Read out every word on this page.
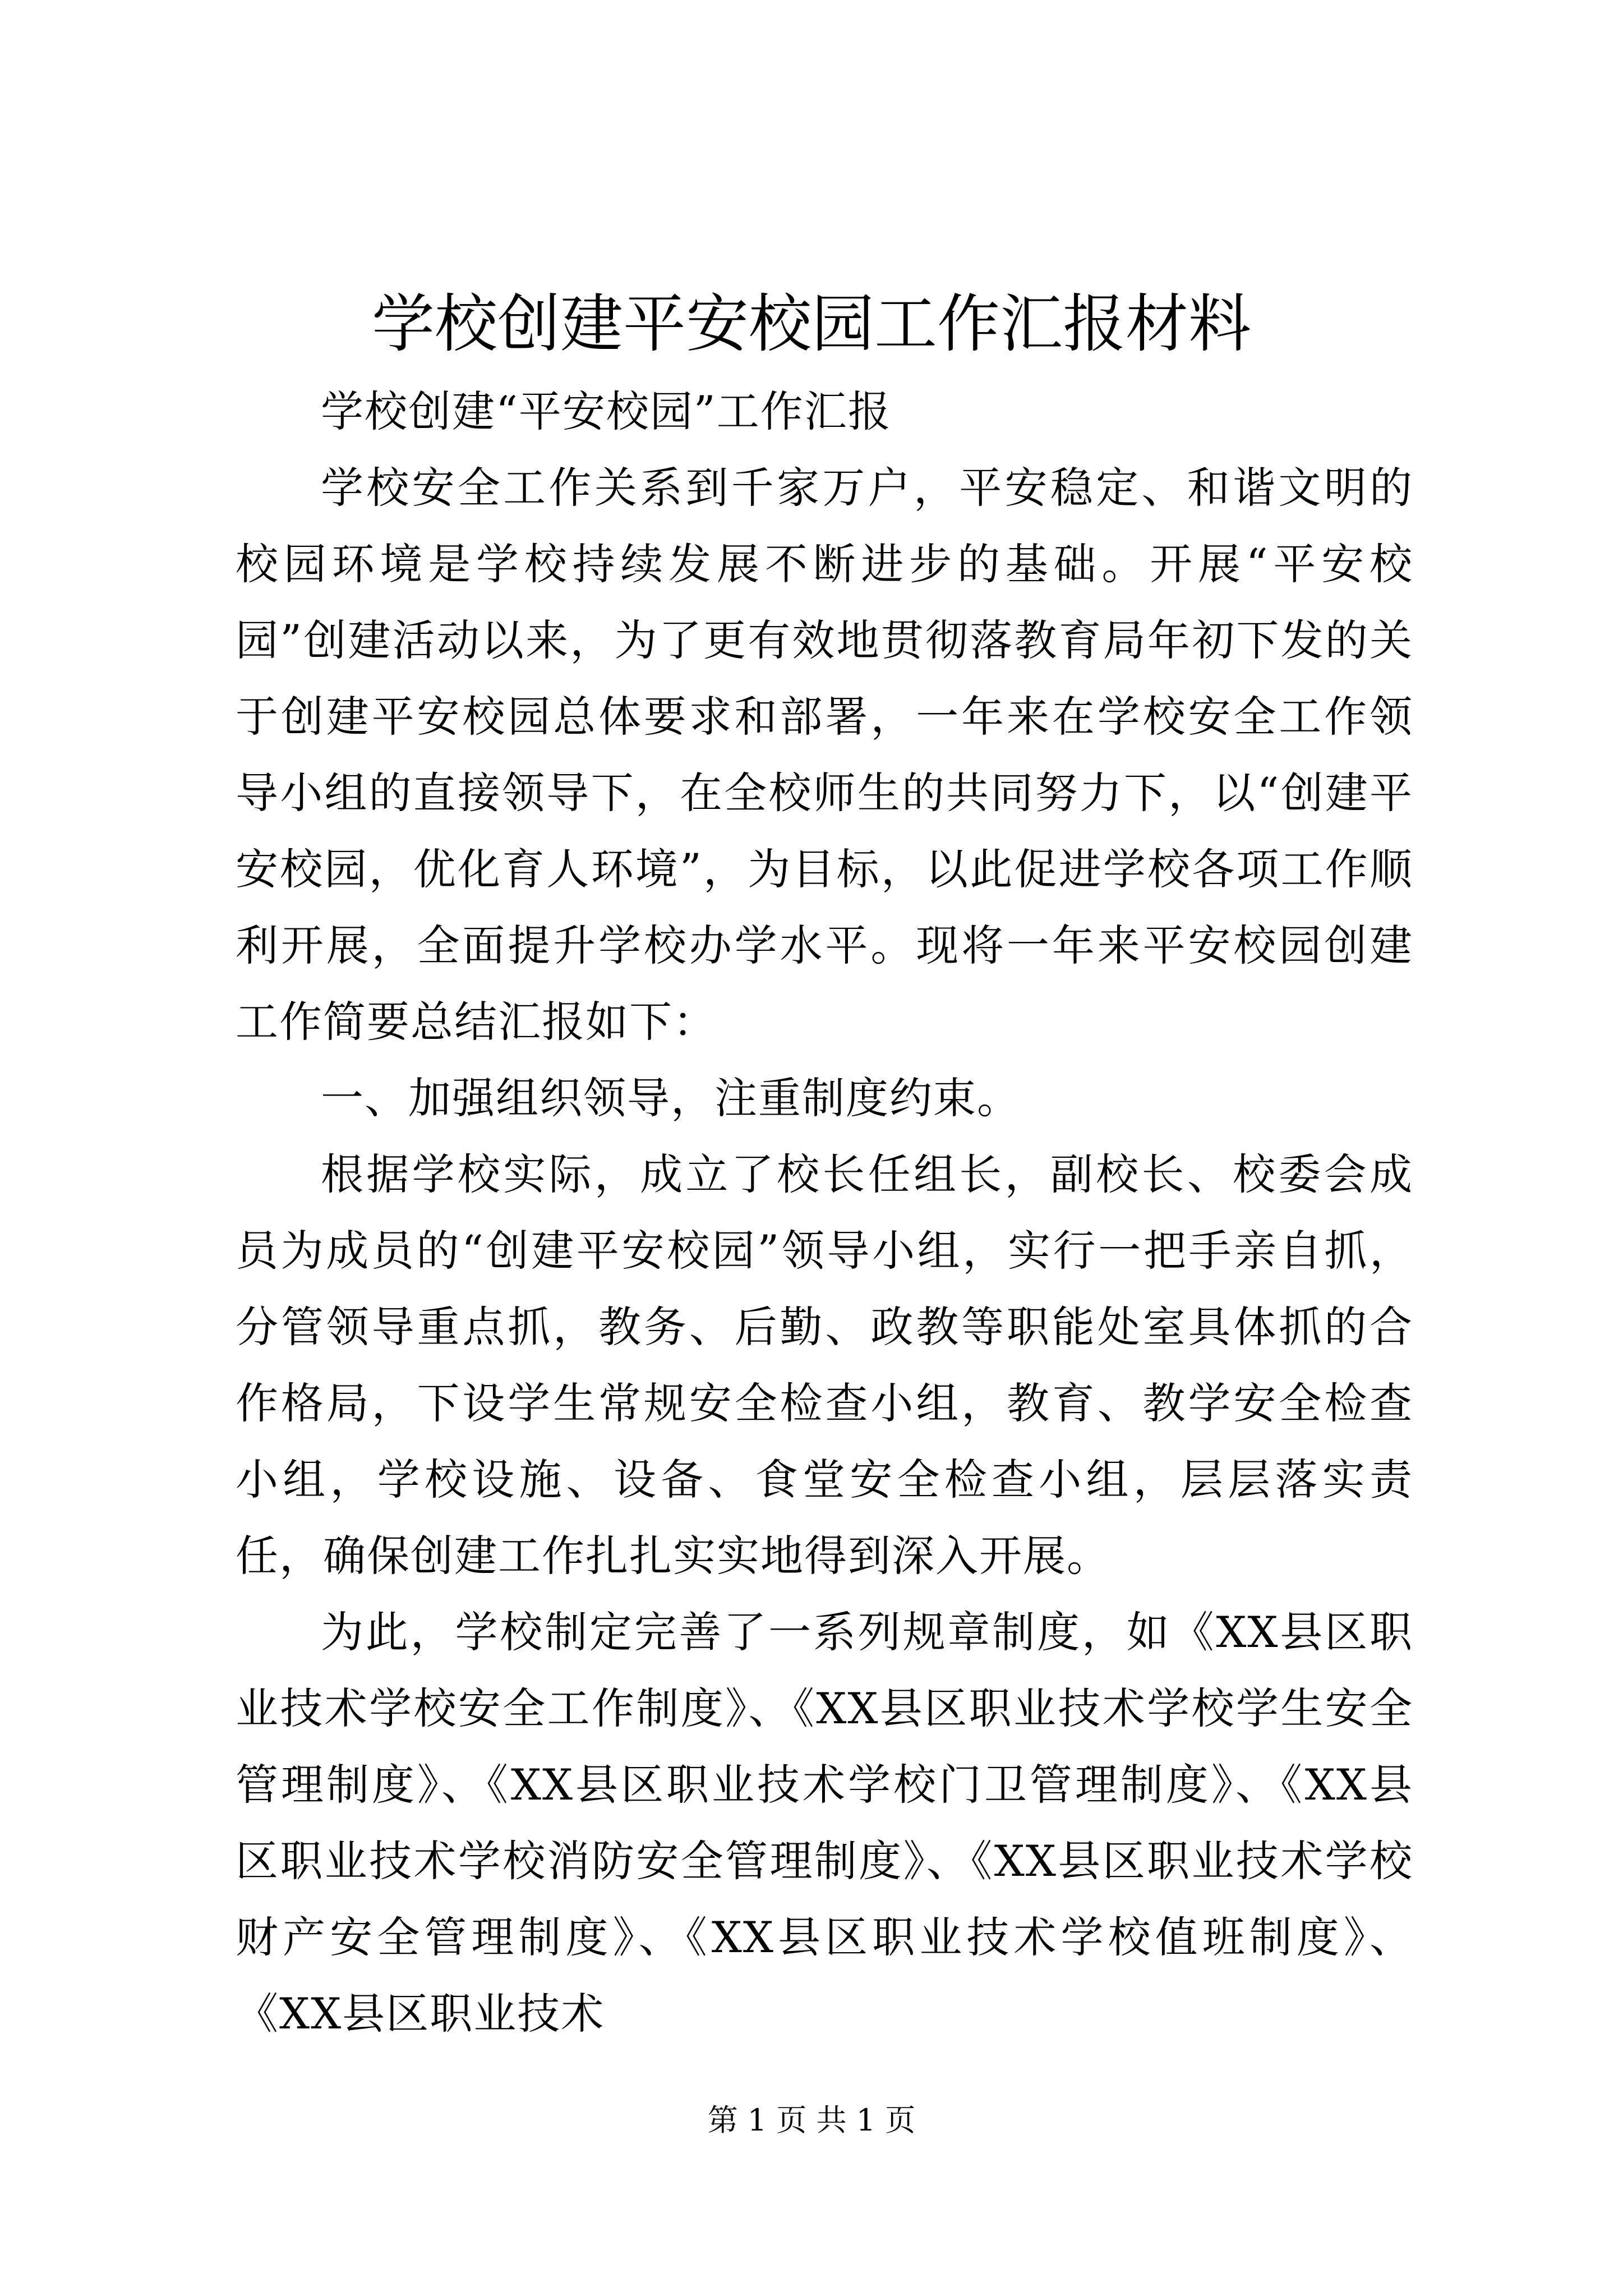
学校创建平安校园工作汇报材料

学校创建“平安校园”工作汇报

学校安全工作关系到千家万户，平安稳定、和谐文明的校园环境是学校持续发展不断进步的基础。开展“平安校园”创建活动以来，为了更有效地贯彻落教育局年初下发的关于创建平安校园总体要求和部署，一年来在学校安全工作领导小组的直接领导下，在全校师生的共同努力下，以“创建平安校园，优化育人环境”，为目标，以此促进学校各项工作顺利开展，全面提升学校办学水平。现将一年来平安校园创建工作简要总结汇报如下：

一、加强组织领导，注重制度约束。

根据学校实际，成立了校长任组长，副校长、校委会成员为成员的“创建平安校园”领导小组，实行一把手亲自抓，分管领导重点抓，教务、后勤、政教等职能处室具体抓的合作格局，下设学生常规安全检查小组，教育、教学安全检查小组，学校设施、设备、食堂安全检查小组，层层落实责任，确保创建工作扎扎实实地得到深入开展。

为此，学校制定完善了一系列规章制度，如《XX县区职业技术学校安全工作制度》、《XX县区职业技术学校学生安全管理制度》、《XX县区职业技术学校门卫管理制度》、《XX县区职业技术学校消防安全管理制度》、《XX县区职业技术学校财产安全管理制度》、《XX县区职业技术学校值班制度》、《XX县区职业技术

第 1 页 共 1 页
